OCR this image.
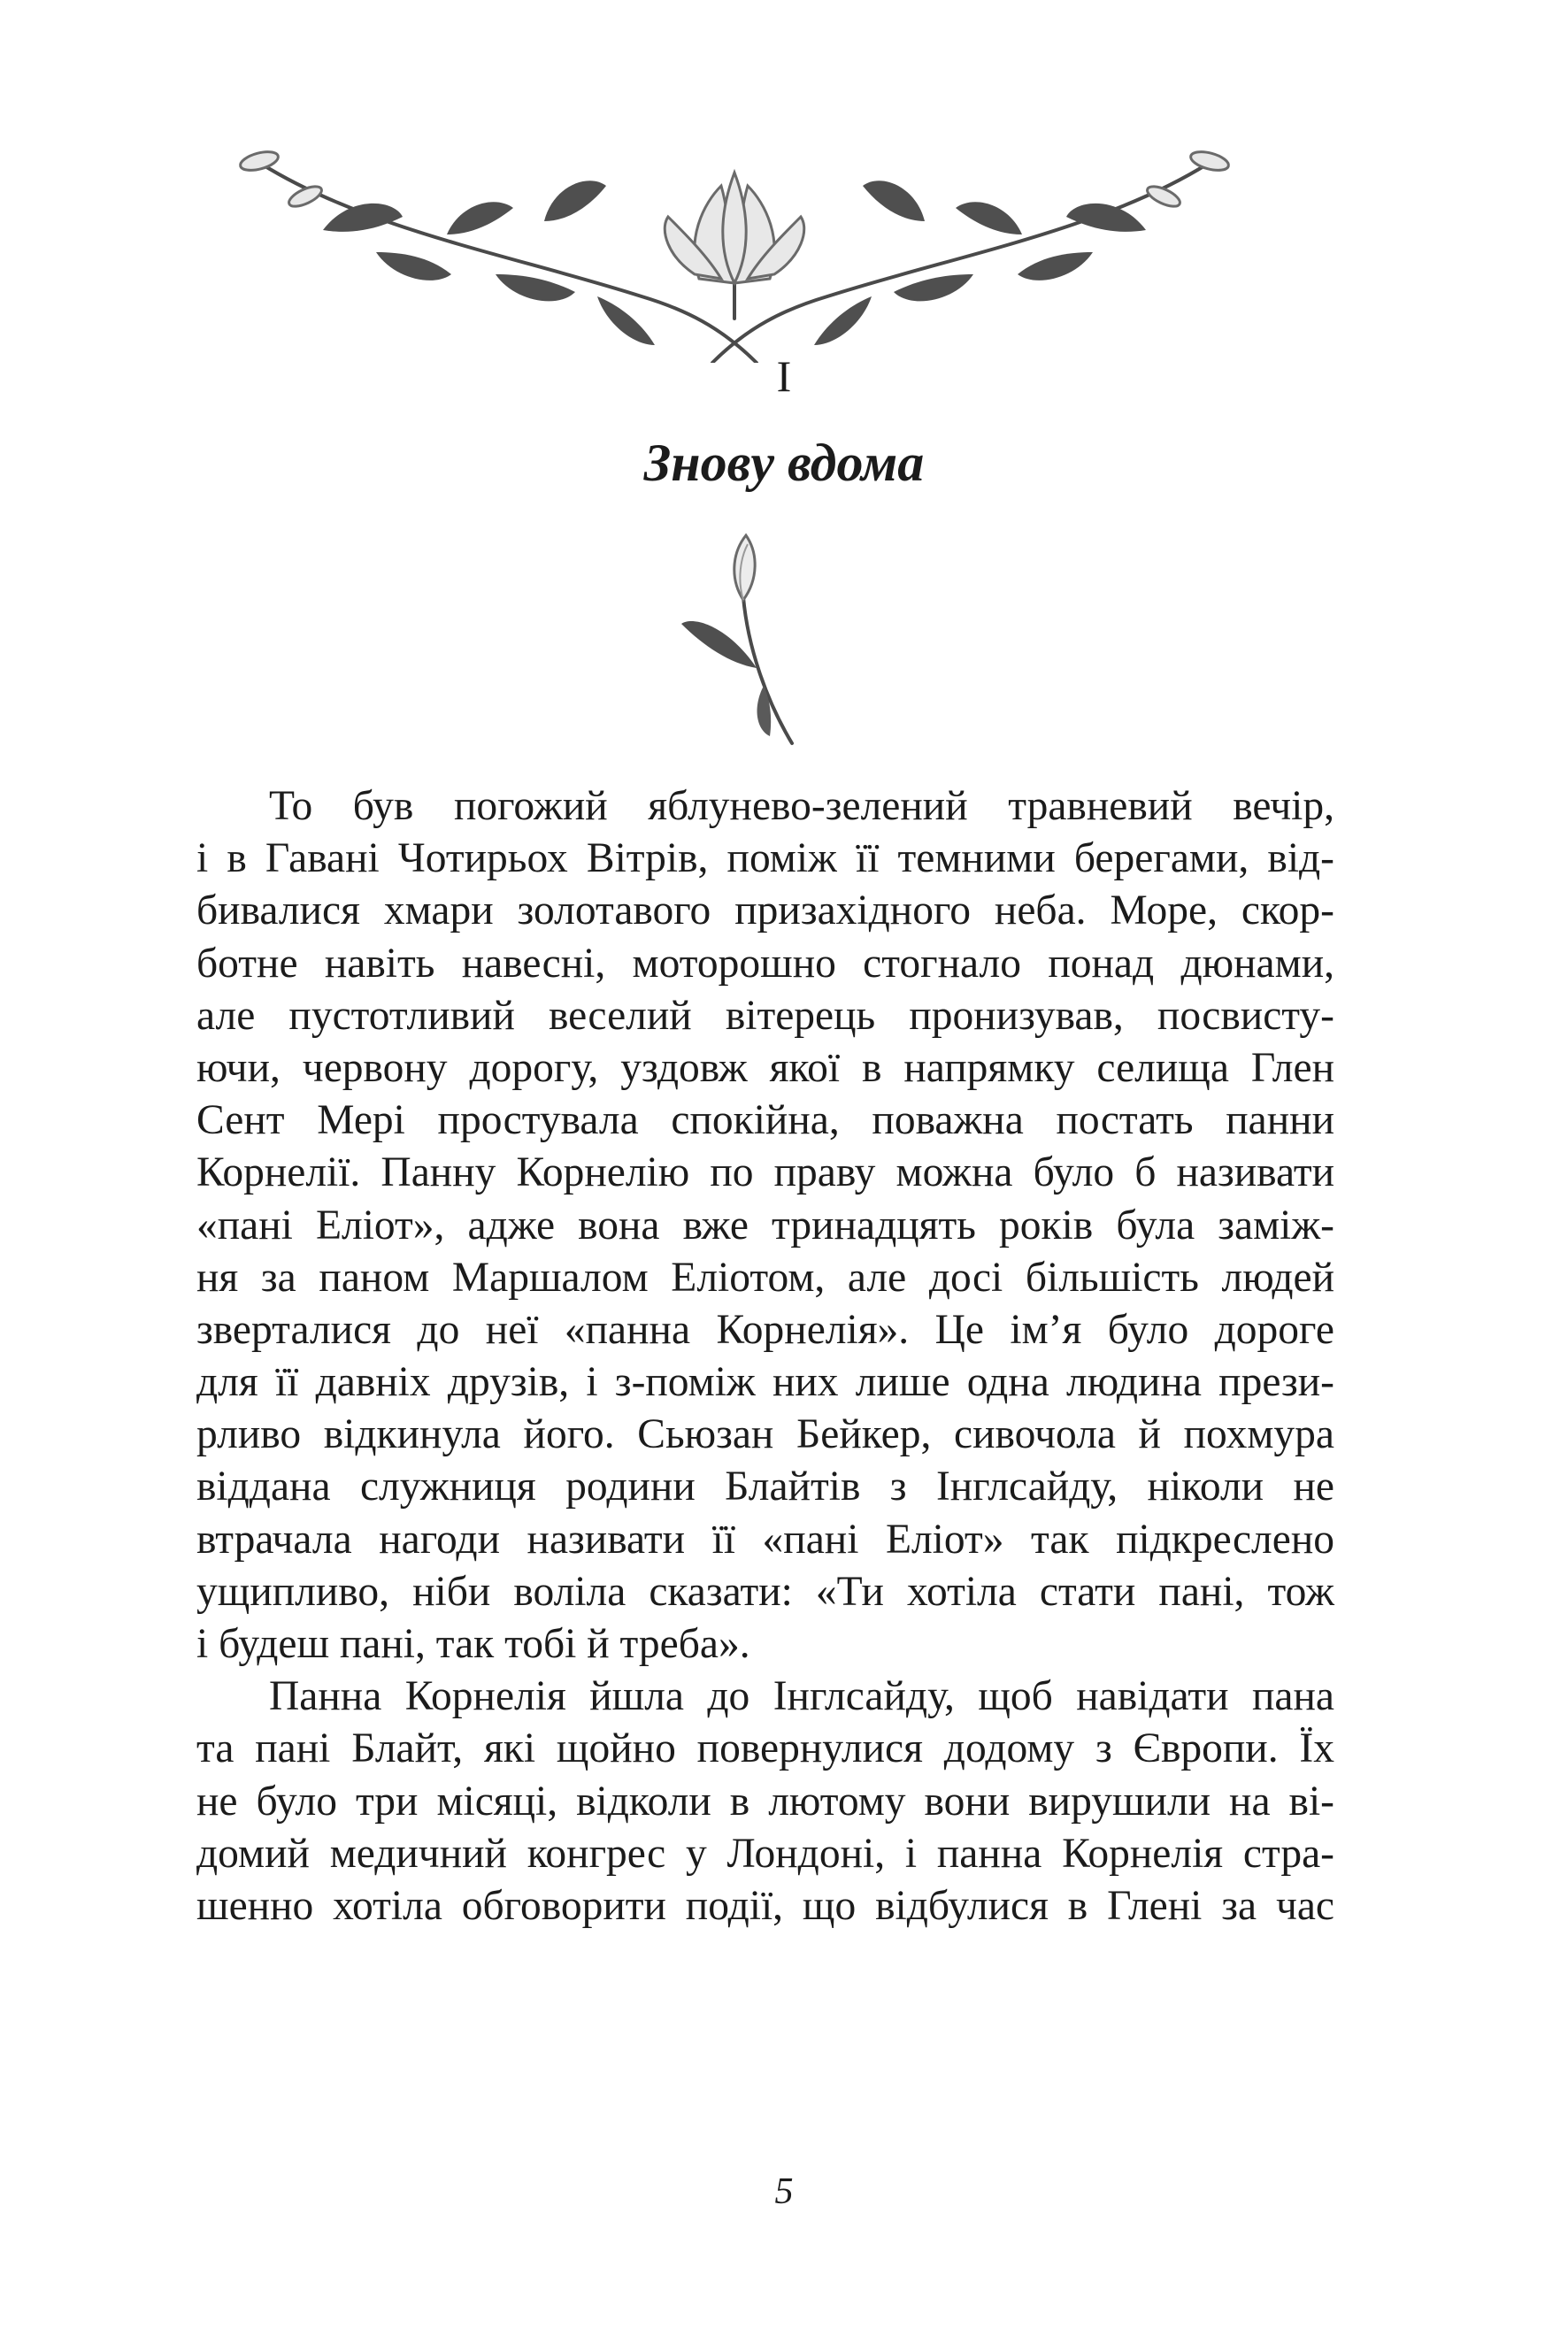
I
Знову вдома
То був погожий яблунево-зелений травневий вечір,
і в Гавані Чотирьох Вітрів, поміж її темними берегами, від-
бивалися хмари золотавого призахідного неба. Море, скор-
ботне навіть навесні, моторошно стогнало понад дюнами,
але пустотливий веселий вітерець пронизував, посвисту-
ючи, червону дорогу, уздовж якої в напрямку селища Глен
Сент Мері простувала спокійна, поважна постать панни
Корнелії. Панну Корнелію по праву можна було б називати
«пані Еліот», адже вона вже тринадцять років була заміж-
ня за паном Маршалом Еліотом, але досі більшість людей
зверталися до неї «панна Корнелія». Це ім’я було дороге
для її давніх друзів, і з-поміж них лише одна людина прези-
рливо відкинула його. Сьюзан Бейкер, сивочола й похмура
віддана служниця родини Блайтів з Інглсайду, ніколи не
втрачала нагоди називати її «пані Еліот» так підкреслено
ущипливо, ніби воліла сказати: «Ти хотіла стати пані, тож
і будеш пані, так тобі й треба».
Панна Корнелія йшла до Інглсайду, щоб навідати пана
та пані Блайт, які щойно повернулися додому з Європи. Їх
не було три місяці, відколи в лютому вони вирушили на ві-
домий медичний конгрес у Лондоні, і панна Корнелія стра-
шенно хотіла обговорити події, що відбулися в Глені за час
5
